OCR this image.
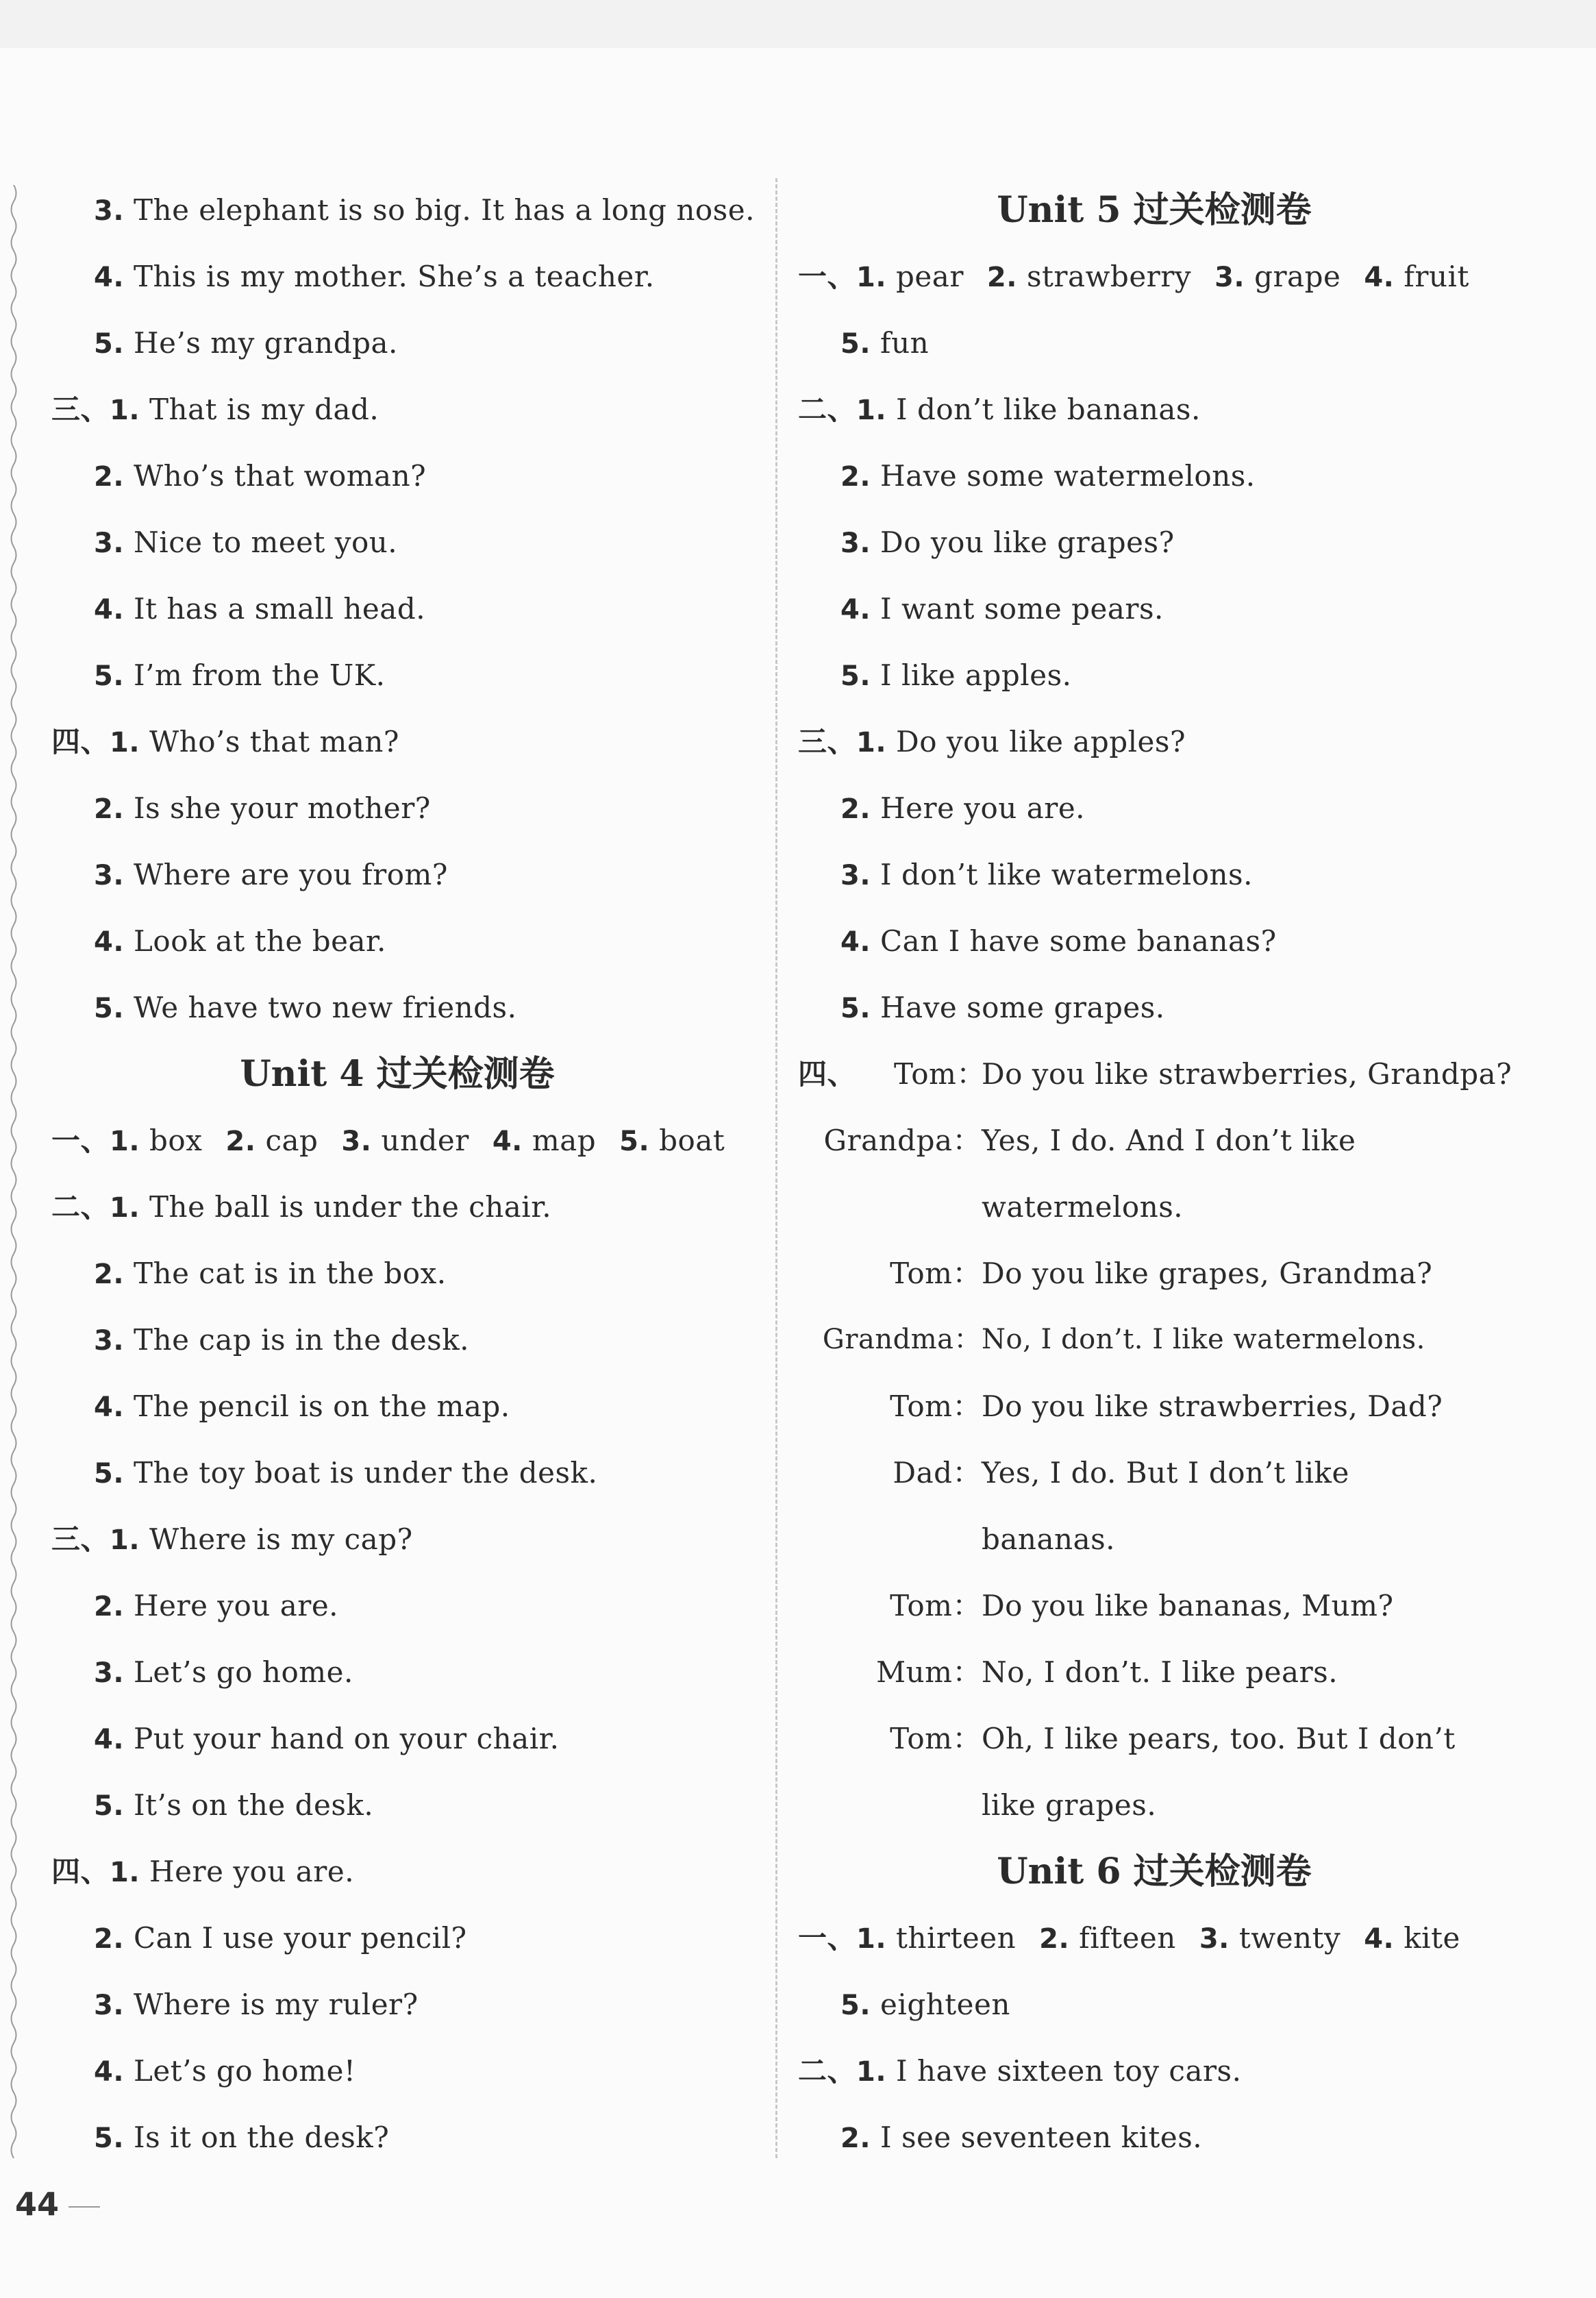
3. The elephant is so big. It has a long nose.
4. This is my mother. She’s a teacher.
5. He’s my grandpa.
三、1. That is my dad.
2. Who’s that woman?
3. Nice to meet you.
4. It has a small head.
5. I’m from the UK.
四、1. Who’s that man?
2. Is she your mother?
3. Where are you from?
4. Look at the bear.
5. We have two new friends.
Unit 4 过关检测卷
一、1. box 2. cap 3. under 4. map 5. boat
二、1. The ball is under the chair.
2. The cat is in the box.
3. The cap is in the desk.
4. The pencil is on the map.
5. The toy boat is under the desk.
三、1. Where is my cap?
2. Here you are.
3. Let’s go home.
4. Put your hand on your chair.
5. It’s on the desk.
四、1. Here you are.
2. Can I use your pencil?
3. Where is my ruler?
4. Let’s go home!
5. Is it on the desk?
Unit 5 过关检测卷
一、1. pear 2. strawberry 3. grape 4. fruit
5. fun
二、1. I don’t like bananas.
2. Have some watermelons.
3. Do you like grapes?
4. I want some pears.
5. I like apples.
三、1. Do you like apples?
2. Here you are.
3. I don’t like watermelons.
4. Can I have some bananas?
5. Have some grapes.
四、 Tom：Do you like strawberries, Grandpa?
Grandpa：Yes, I do. And I don’t like
watermelons.
Tom：Do you like grapes, Grandma?
Grandma：No, I don’t. I like watermelons.
Tom：Do you like strawberries, Dad?
Dad：Yes, I do. But I don’t like
bananas.
Tom：Do you like bananas, Mum?
Mum：No, I don’t. I like pears.
Tom：Oh, I like pears, too. But I don’t
like grapes.
Unit 6 过关检测卷
一、1. thirteen 2. fifteen 3. twenty 4. kite
5. eighteen
二、1. I have sixteen toy cars.
2. I see seventeen kites.
44
